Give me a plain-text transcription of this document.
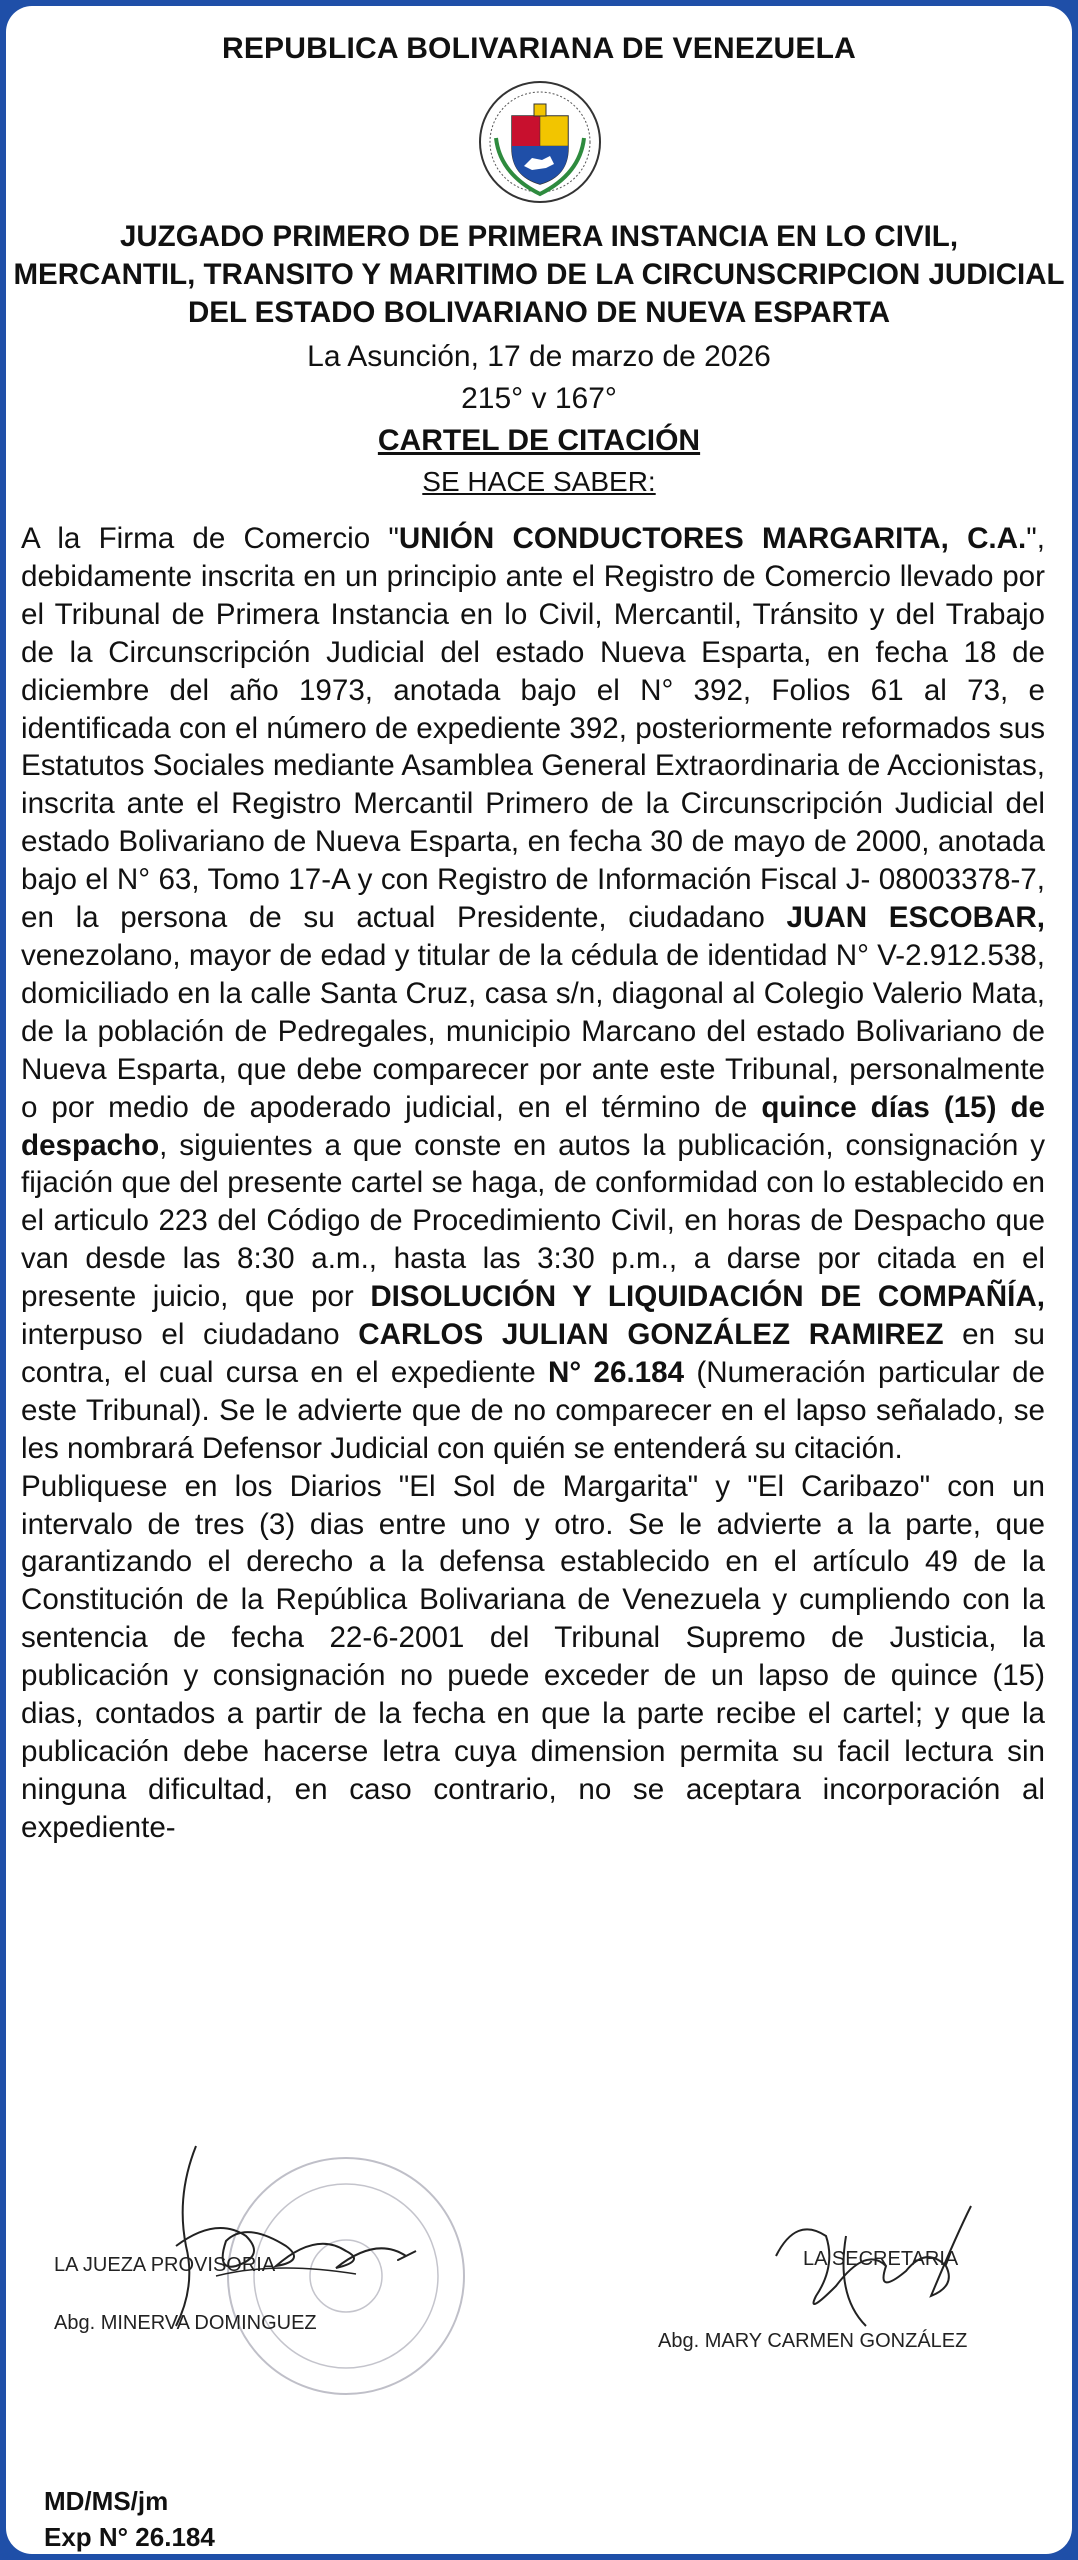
REPUBLICA BOLIVARIANA DE VENEZUELA
JUZGADO PRIMERO DE PRIMERA INSTANCIA EN LO CIVIL,
MERCANTIL, TRANSITO Y MARITIMO DE LA CIRCUNSCRIPCION JUDICIAL
DEL ESTADO BOLIVARIANO DE NUEVA ESPARTA
La Asunción, 17 de marzo de 2026
215° v 167°
CARTEL DE CITACIÓN
SE HACE SABER:

A la Firma de Comercio "UNIÓN CONDUCTORES MARGARITA, C.A.", debidamente inscrita en un principio ante el Registro de Comercio llevado por el Tribunal de Primera Instancia en lo Civil, Mercantil, Tránsito y del Trabajo de la Circunscripción Judicial del estado Nueva Esparta, en fecha 18 de diciembre del año 1973, anotada bajo el N° 392, Folios 61 al 73, e identificada con el número de expediente 392, posteriormente reformados sus Estatutos Sociales mediante Asamblea General Extraordinaria de Accionistas, inscrita ante el Registro Mercantil Primero de la Circunscripción Judicial del estado Bolivariano de Nueva Esparta, en fecha 30 de mayo de 2000, anotada bajo el N° 63, Tomo 17-A y con Registro de Información Fiscal J- 08003378-7, en la persona de su actual Presidente, ciudadano JUAN ESCOBAR, venezolano, mayor de edad y titular de la cédula de identidad N° V-2.912.538, domiciliado en la calle Santa Cruz, casa s/n, diagonal al Colegio Valerio Mata, de la población de Pedregales, municipio Marcano del estado Bolivariano de Nueva Esparta, que debe comparecer por ante este Tribunal, personalmente o por medio de apoderado judicial, en el término de quince días (15) de despacho, siguientes a que conste en autos la publicación, consignación y fijación que del presente cartel se haga, de conformidad con lo establecido en el articulo 223 del Código de Procedimiento Civil, en horas de Despacho que van desde las 8:30 a.m., hasta las 3:30 p.m., a darse por citada en el presente juicio, que por DISOLUCIÓN Y LIQUIDACIÓN DE COMPAÑÍA, interpuso el ciudadano CARLOS JULIAN GONZÁLEZ RAMIREZ en su contra, el cual cursa en el expediente N° 26.184 (Numeración particular de este Tribunal). Se le advierte que de no comparecer en el lapso señalado, se les nombrará Defensor Judicial con quién se entenderá su citación.

Publiquese en los Diarios "El Sol de Margarita" y "El Caribazo" con un intervalo de tres (3) dias entre uno y otro. Se le advierte a la parte, que garantizando el derecho a la defensa establecido en el artículo 49 de la Constitución de la República Bolivariana de Venezuela y cumpliendo con la sentencia de fecha 22-6-2001 del Tribunal Supremo de Justicia, la publicación y consignación no puede exceder de un lapso de quince (15) dias, contados a partir de la fecha en que la parte recibe el cartel; y que la publicación debe hacerse letra cuya dimension permita su facil lectura sin ninguna dificultad, en caso contrario, no se aceptara incorporación al expediente-

LA JUEZA PROVISORIA
Abg. MINERVA DOMINGUEZ
LA SECRETARIA
Abg. MARY CARMEN GONZÁLEZ
MD/MS/jm
Exp N° 26.184
